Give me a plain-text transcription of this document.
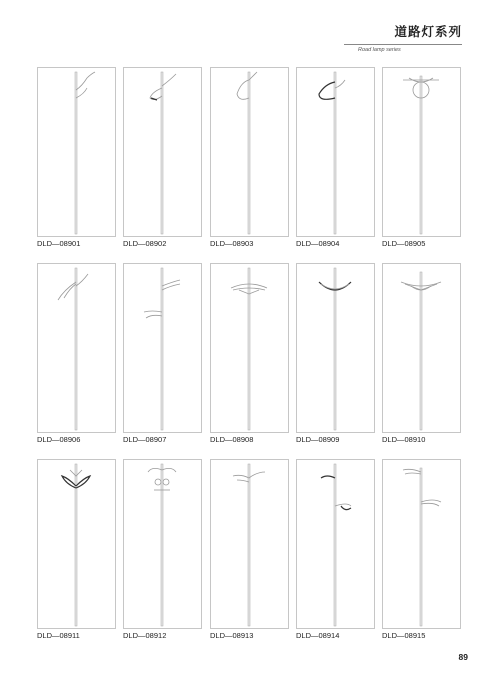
道路灯系列
Road lamp series
DLD—08901	DLD—08902	DLD—08903	DLD—08904	DLD—08905
DLD—08906	DLD—08907	DLD—08908	DLD—08909	DLD—08910
DLD—08911	DLD—08912	DLD—08913	DLD—08914	DLD—08915
89
